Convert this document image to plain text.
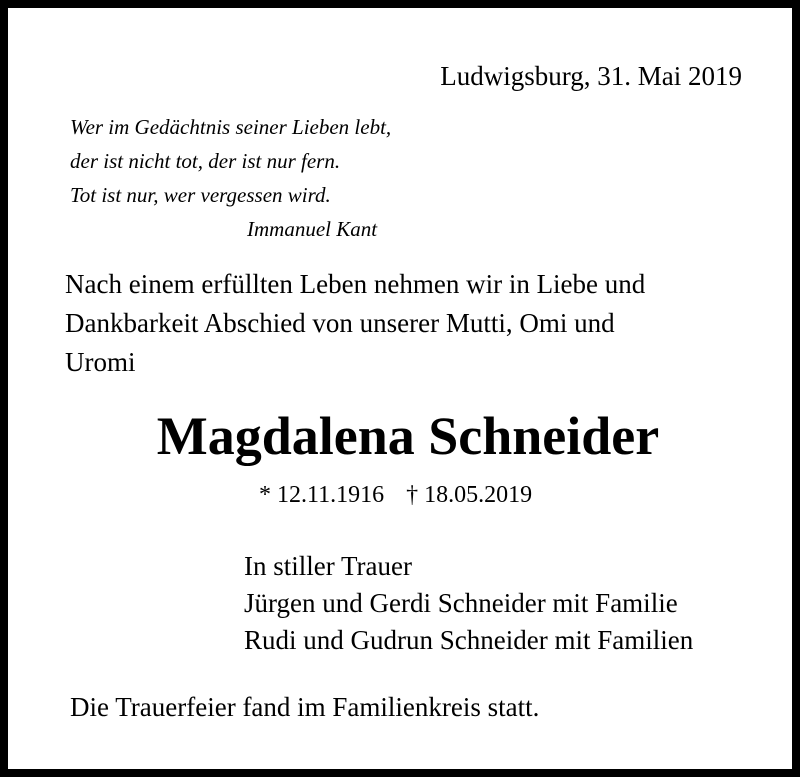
Ludwigsburg, 31. Mai 2019
Wer im Gedächtnis seiner Lieben lebt,
der ist nicht tot, der ist nur fern.
Tot ist nur, wer vergessen wird.
Immanuel Kant
Nach einem erfüllten Leben nehmen wir in Liebe und
Dankbarkeit Abschied von unserer Mutti, Omi und
Uromi
Magdalena Schneider
* 12.11.1916 † 18.05.2019
In stiller Trauer
Jürgen und Gerdi Schneider mit Familie
Rudi und Gudrun Schneider mit Familien
Die Trauerfeier fand im Familienkreis statt.
